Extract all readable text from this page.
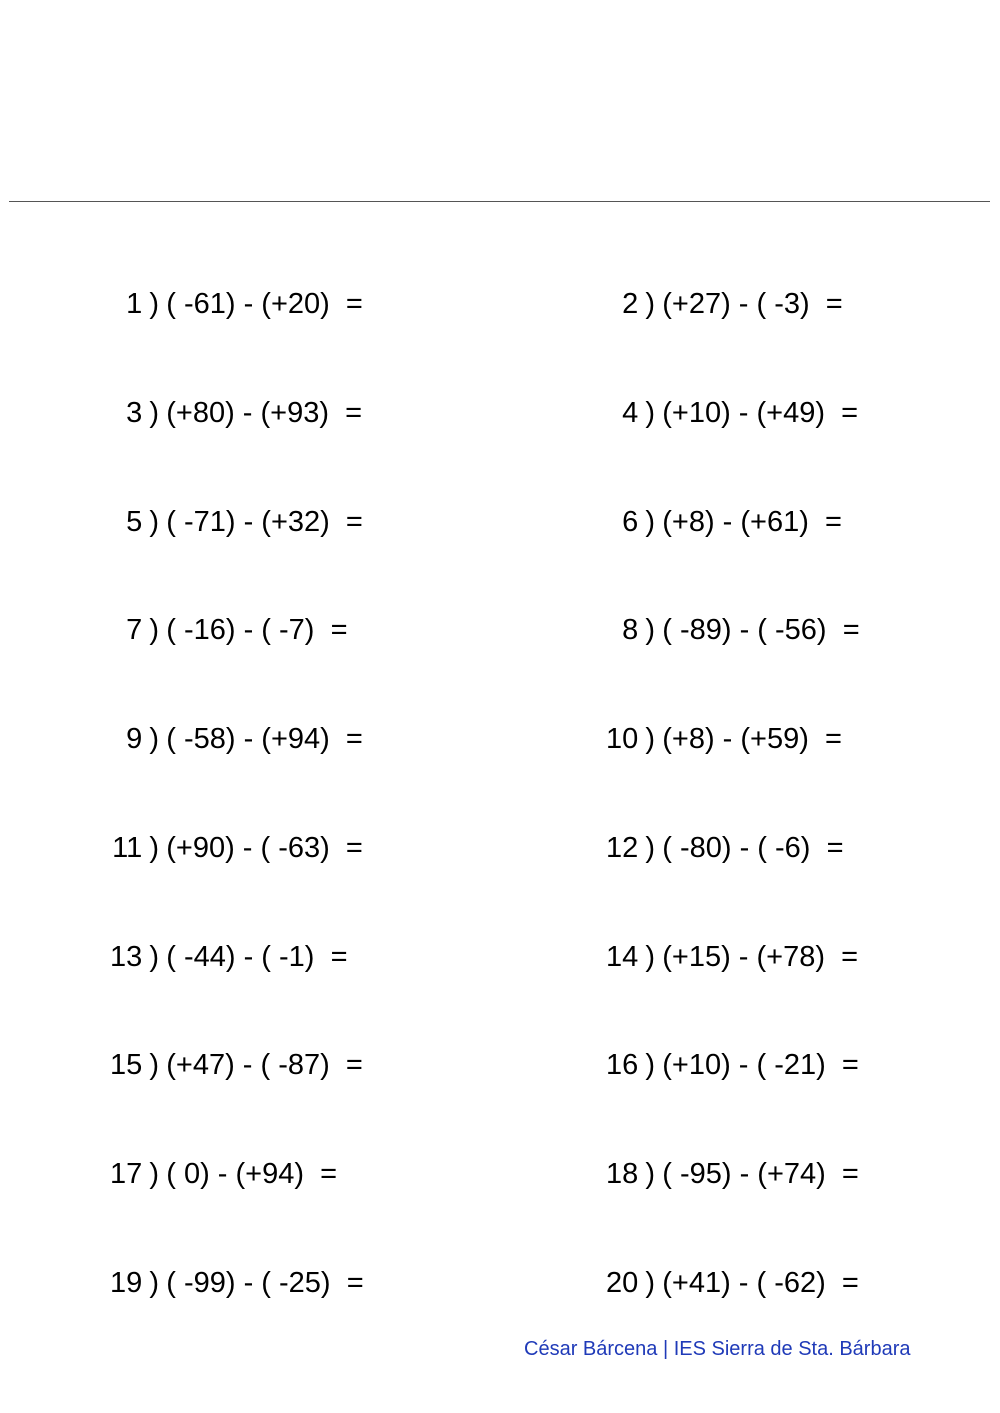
1 ) ( -61) - (+20)  =
	2 ) (+27) - ( -3)  =

3 ) (+80) - (+93)  =
	4 ) (+10) - (+49)  =

5 ) ( -71) - (+32)  =
	6 ) (+8) - (+61)  =

7 ) ( -16) - ( -7)  =
	8 ) ( -89) - ( -56)  =

9 ) ( -58) - (+94)  =
	10 ) (+8) - (+59)  =

11 ) (+90) - ( -63)  =
	12 ) ( -80) - ( -6)  =

13 ) ( -44) - ( -1)  =
	14 ) (+15) - (+78)  =

15 ) (+47) - ( -87)  =
	16 ) (+10) - ( -21)  =

17 ) ( 0) - (+94)  =
	18 ) ( -95) - (+74)  =

19 ) ( -99) - ( -25)  =
	20 ) (+41) - ( -62)  =

César Bárcena | IES Sierra de Sta. Bárbara
